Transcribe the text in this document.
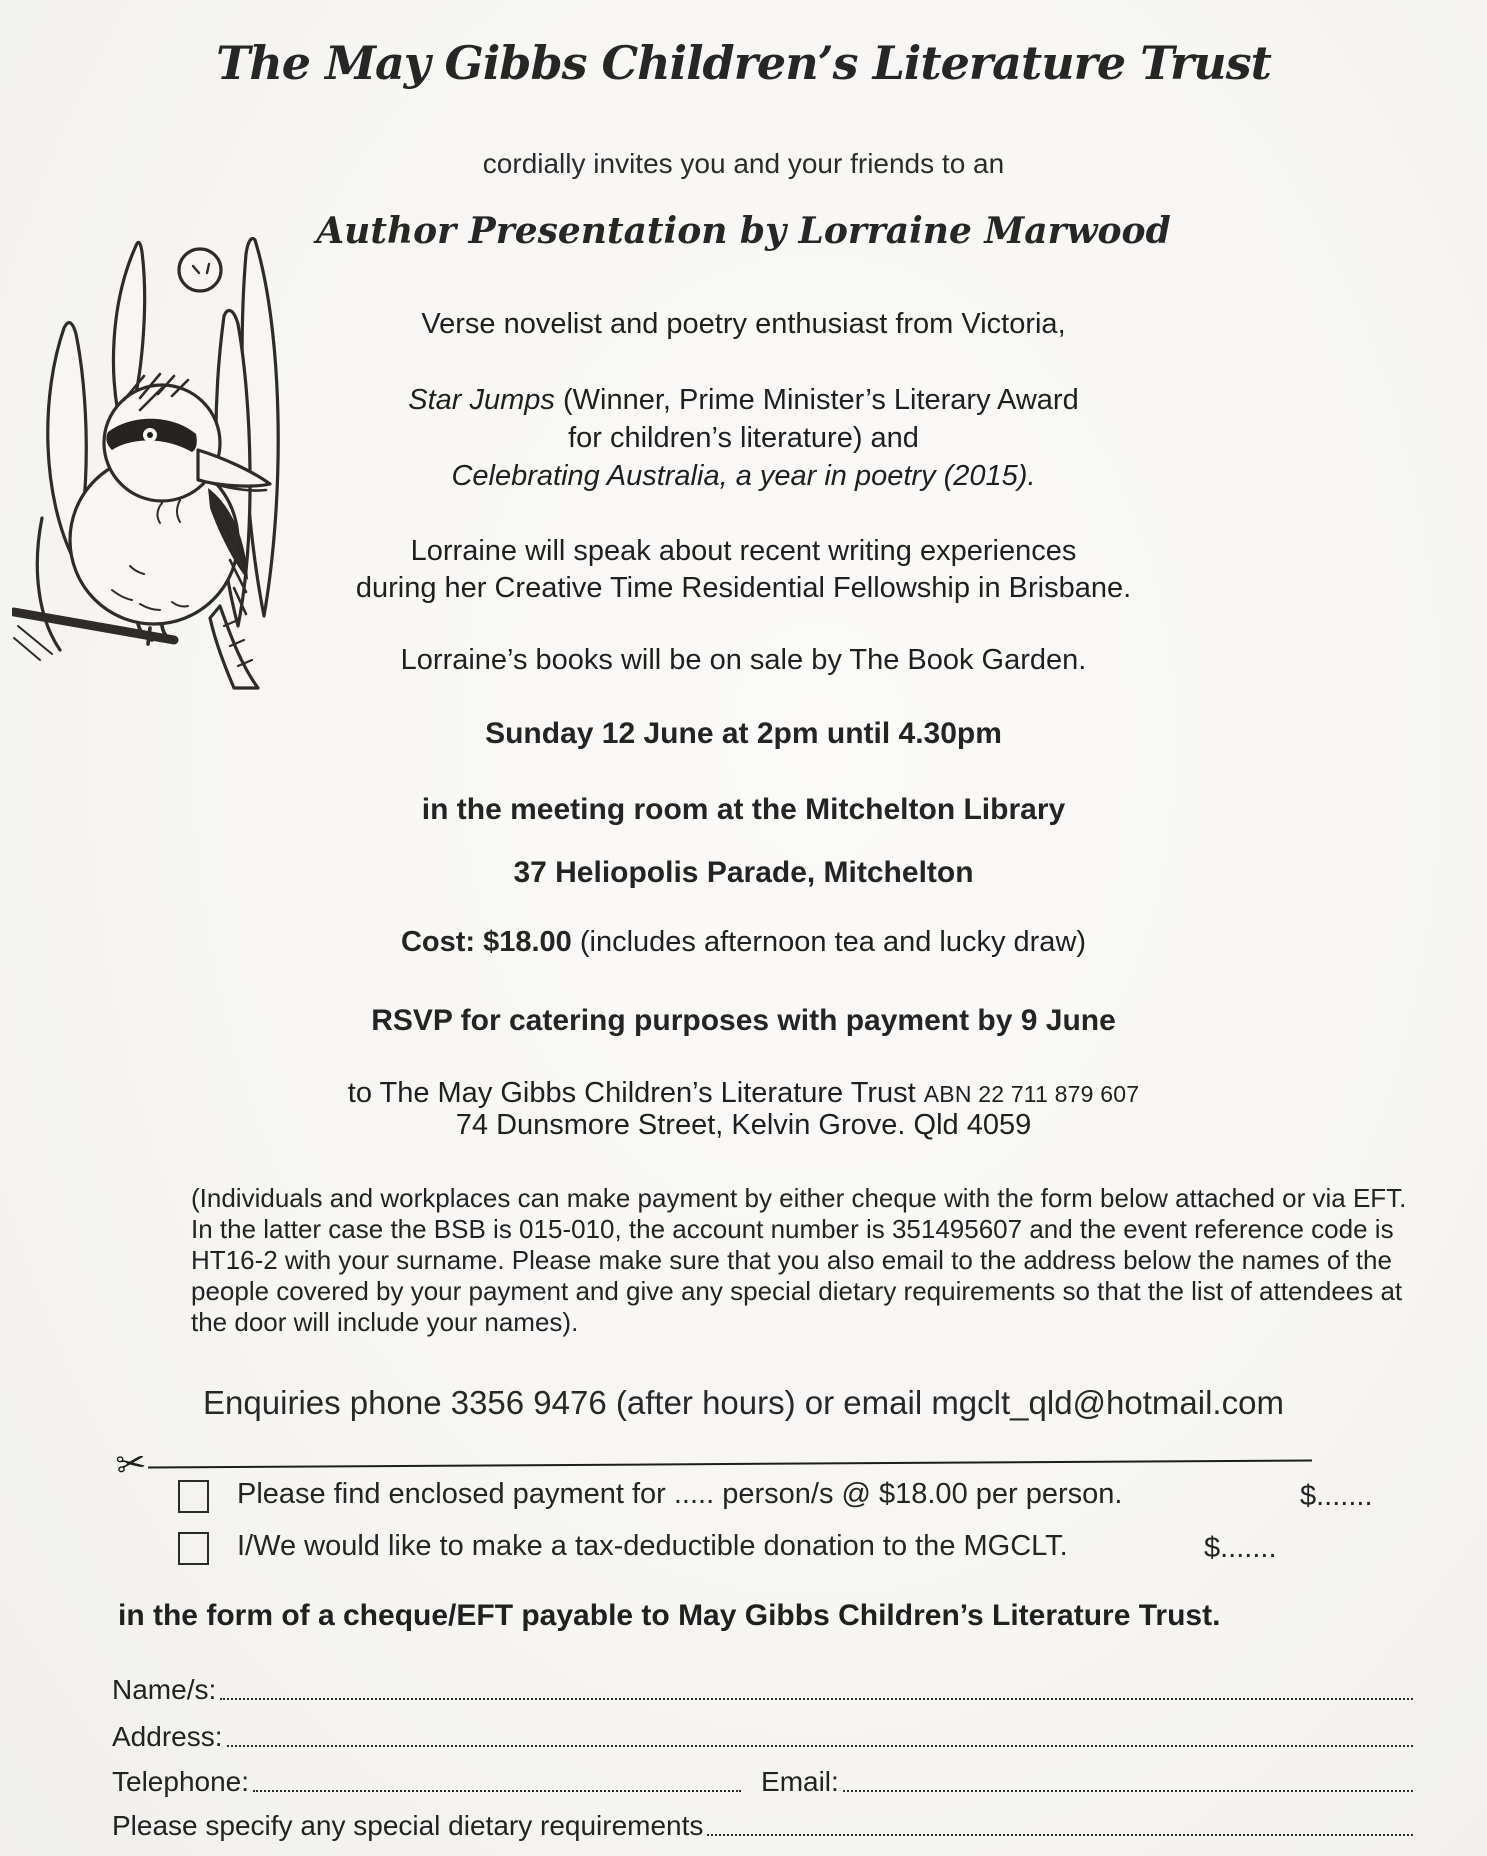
The May Gibbs Children’s Literature Trust
cordially invites you and your friends to an
Author Presentation by Lorraine Marwood
Verse novelist and poetry enthusiast from Victoria,
Star Jumps (Winner, Prime Minister’s Literary Award
for children’s literature) and
Celebrating Australia, a year in poetry (2015).
Lorraine will speak about recent writing experiences
during her Creative Time Residential Fellowship in Brisbane.
Lorraine’s books will be on sale by The Book Garden.
Sunday 12 June at 2pm until 4.30pm
in the meeting room at the Mitchelton Library
37 Heliopolis Parade, Mitchelton
Cost: $18.00 (includes afternoon tea and lucky draw)
RSVP for catering purposes with payment by 9 June
to The May Gibbs Children’s Literature Trust ABN 22 711 879 607
74 Dunsmore Street, Kelvin Grove. Qld 4059
(Individuals and workplaces can make payment by either cheque with the form below attached or via EFT. In the latter case the BSB is 015-010, the account number is 351495607 and the event reference code is HT16-2 with your surname. Please make sure that you also email to the address below the names of the people covered by your payment and give any special dietary requirements so that the list of attendees at the door will include your names).
Enquiries phone 3356 9476 (after hours) or email mgclt_qld@hotmail.com
✂
Please find enclosed payment for ..... person/s @ $18.00 per person.	$.......
I/We would like to make a tax-deductible donation to the MGCLT.	$.......
in the form of a cheque/EFT payable to May Gibbs Children’s Literature Trust.
Name/s:
Address:
Telephone:	Email:
Please specify any special dietary requirements
